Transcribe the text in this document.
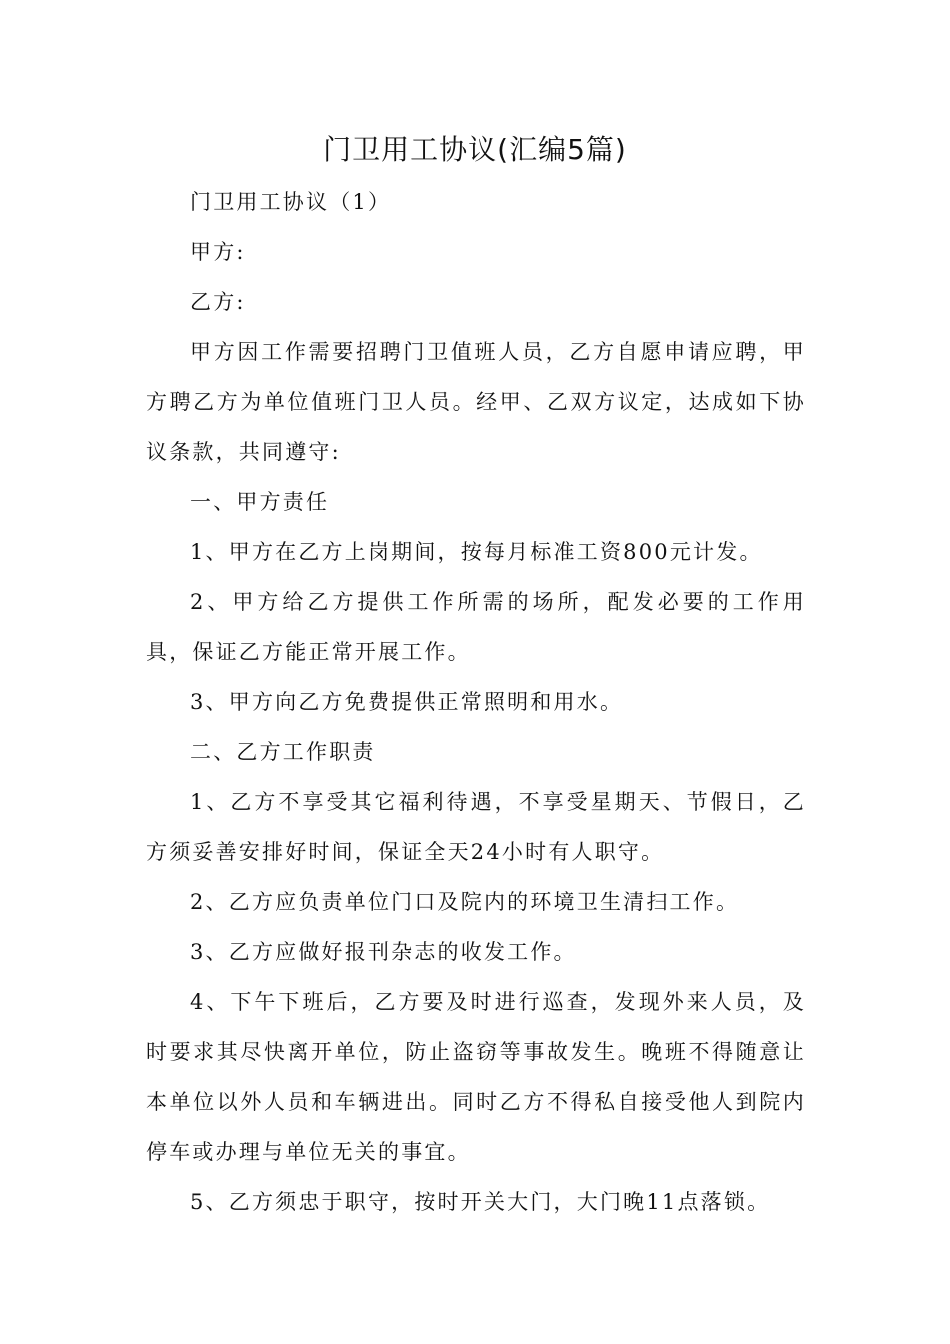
门卫用工协议(汇编5篇)

门卫用工协议（1）

甲方:

乙方:

甲方因工作需要招聘门卫值班人员，乙方自愿申请应聘，甲方聘乙方为单位值班门卫人员。经甲、乙双方议定，达成如下协议条款，共同遵守:

一、甲方责任

1、甲方在乙方上岗期间，按每月标准工资800元计发。

2、甲方给乙方提供工作所需的场所，配发必要的工作用具，保证乙方能正常开展工作。

3、甲方向乙方免费提供正常照明和用水。

二、乙方工作职责

1、乙方不享受其它福利待遇，不享受星期天、节假日，乙方须妥善安排好时间，保证全天24小时有人职守。

2、乙方应负责单位门口及院内的环境卫生清扫工作。

3、乙方应做好报刊杂志的收发工作。

4、下午下班后，乙方要及时进行巡查，发现外来人员，及时要求其尽快离开单位，防止盗窃等事故发生。晚班不得随意让本单位以外人员和车辆进出。同时乙方不得私自接受他人到院内停车或办理与单位无关的事宜。

5、乙方须忠于职守，按时开关大门，大门晚11点落锁。
